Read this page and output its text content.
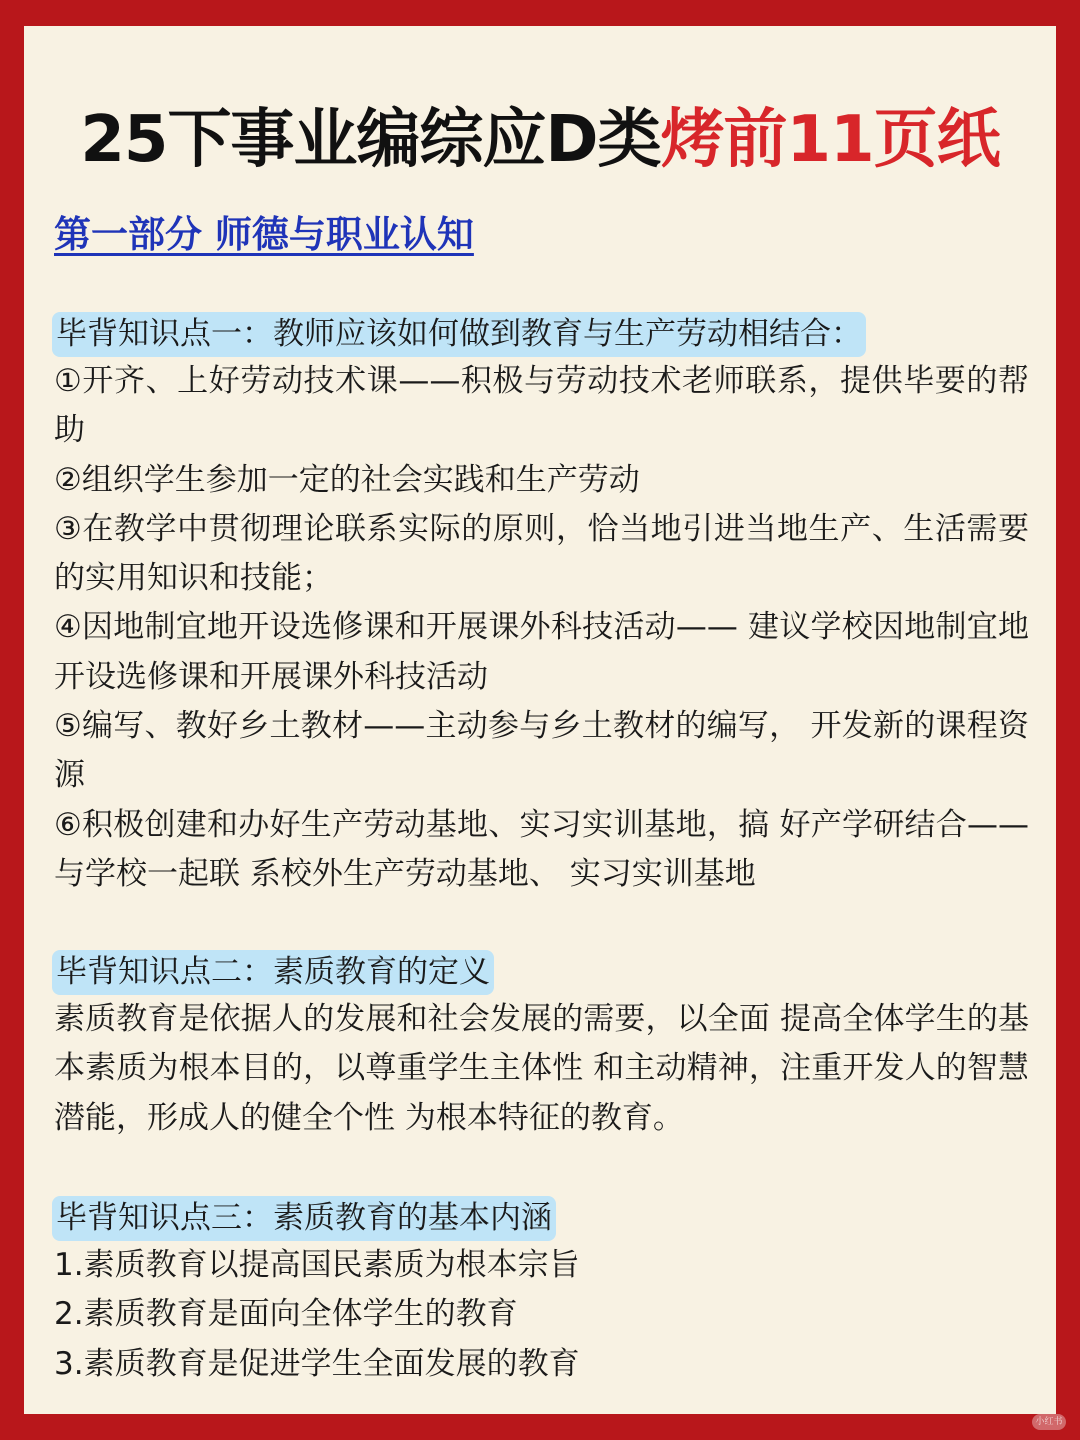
25下事业编综应D类烤前11页纸
第一部分 师德与职业认知
毕背知识点一：教师应该如何做到教育与生产劳动相结合：

①开齐、上好劳动技术课——积极与劳动技术老师联系，提供毕要的帮助

②组织学生参加一定的社会实践和生产劳动

③在教学中贯彻理论联系实际的原则，恰当地引进当地生产、生活需要的实用知识和技能；

④因地制宜地开设选修课和开展课外科技活动—— 建议学校因地制宜地开设选修课和开展课外科技活动

⑤编写、教好乡土教材——主动参与乡土教材的编写， 开发新的课程资源

⑥积极创建和办好生产劳动基地、实习实训基地，搞 好产学研结合——与学校一起联 系校外生产劳动基地、 实习实训基地

毕背知识点二：素质教育的定义

素质教育是依据人的发展和社会发展的需要，以全面 提高全体学生的基本素质为根本目的，以尊重学生主体性 和主动精神，注重开发人的智慧潜能，形成人的健全个性 为根本特征的教育。

毕背知识点三：素质教育的基本内涵

1.素质教育以提高国民素质为根本宗旨

2.素质教育是面向全体学生的教育

3.素质教育是促进学生全面发展的教育

小红书
